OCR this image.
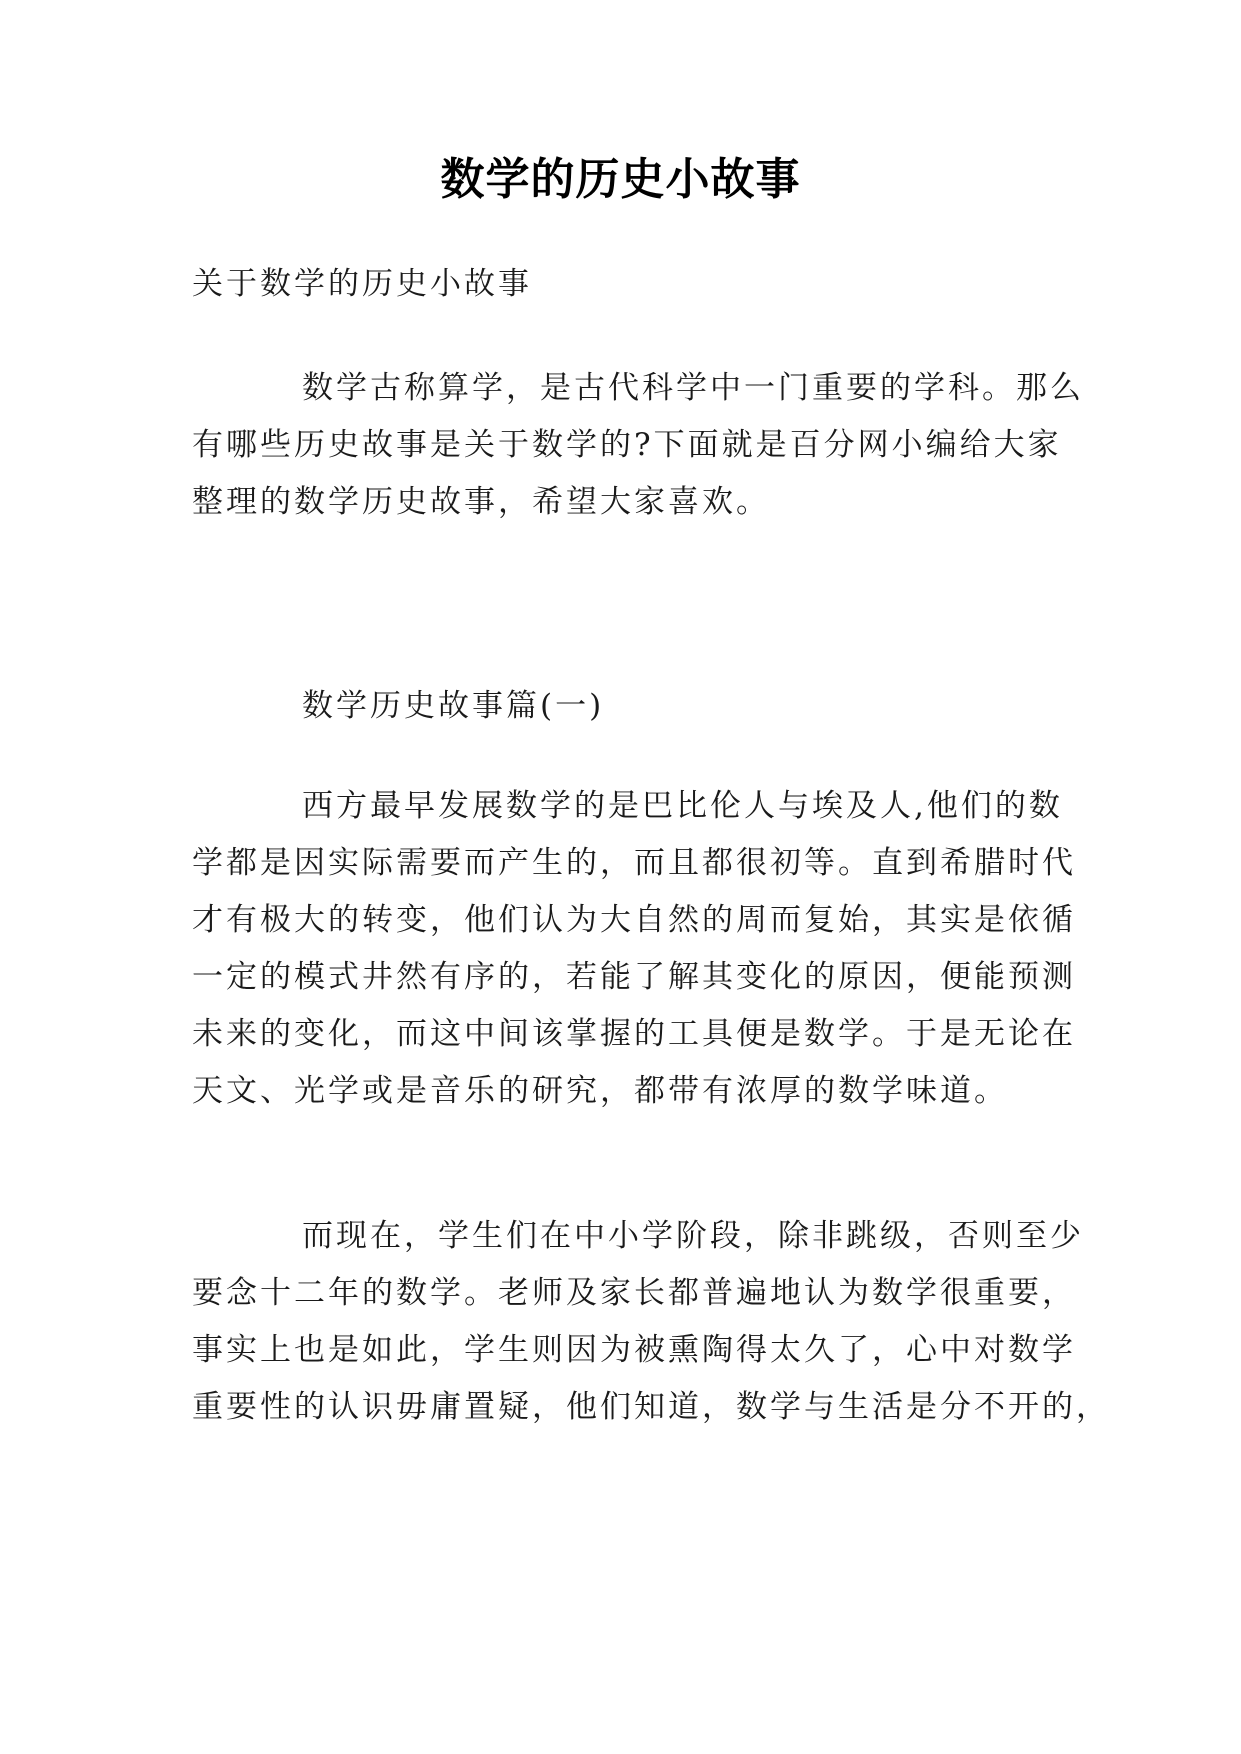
数学的历史小故事
关于数学的历史小故事
数学古称算学，是古代科学中一门重要的学科。那么
有哪些历史故事是关于数学的?下面就是百分网小编给大家
整理的数学历史故事，希望大家喜欢。
数学历史故事篇(一)
西方最早发展数学的是巴比伦人与埃及人,他们的数
学都是因实际需要而产生的，而且都很初等。直到希腊时代
才有极大的转变，他们认为大自然的周而复始，其实是依循
一定的模式井然有序的，若能了解其变化的原因，便能预测
未来的变化，而这中间该掌握的工具便是数学。于是无论在
天文、光学或是音乐的研究，都带有浓厚的数学味道。
而现在，学生们在中小学阶段，除非跳级，否则至少
要念十二年的数学。老师及家长都普遍地认为数学很重要，
事实上也是如此，学生则因为被熏陶得太久了，心中对数学
重要性的认识毋庸置疑，他们知道，数学与生活是分不开的，
